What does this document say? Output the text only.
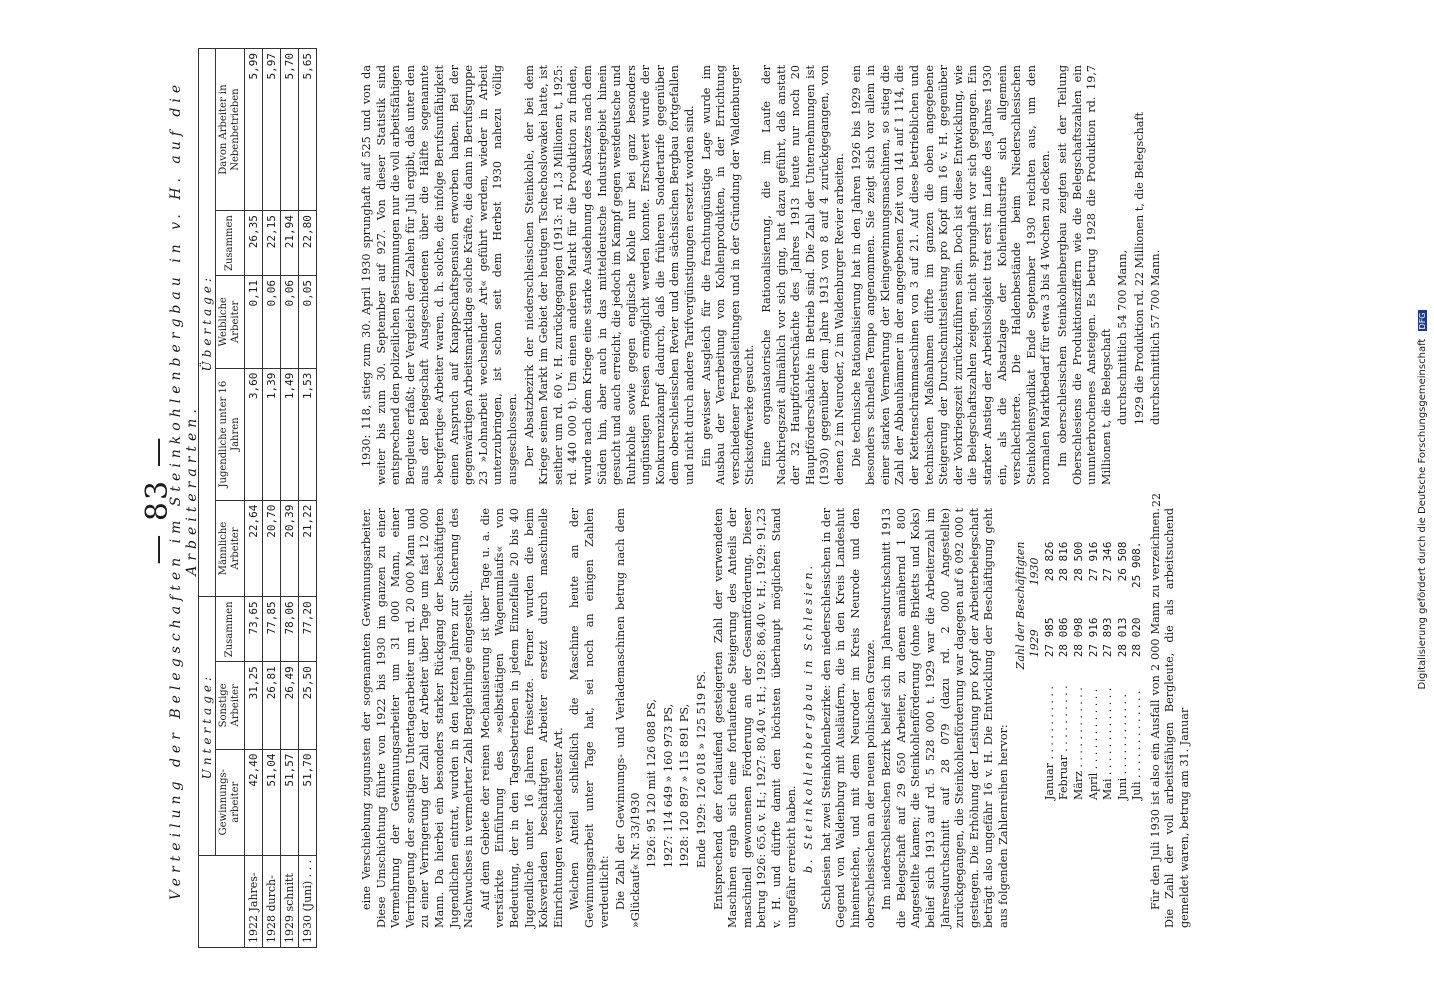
— 83 —
Verteilung der Belegschaften im Steinkohlenbergbau in v. H. auf die Arbeiterarten.
	Untertage:			Übertage:				
	Gewinnungs-arbeiter	Sonstige Arbeiter	Zusammen	Männliche Arbeiter	Jugendliche unter 16 Jahren	Weibliche Arbeiter	Zusammen	Davon Arbeiter in Nebenbetrieben
1922 Jahres-	42,40	31,25	73,65	22,64	3,60	0,11	26,35	5,99
1928 durch-	51,04	26,81	77,85	20,70	1,39	0,06	22,15	5,97
1929 schnitt	51,57	26,49	78,06	20,39	1,49	0,06	21,94	5,70
1930 (Juni) . . .	51,70	25,50	77,20	21,22	1,53	0,05	22,80	5,65

eine Verschiebung zugunsten der sogenannten Gewinnungsarbeiter. Diese Umschichtung führte von 1922 bis 1930 im ganzen zu einer Vermehrung der Gewinnungsarbeiter um 31 000 Mann, einer Verringerung der sonstigen Untertagearbeiter um rd. 20 000 Mann und zu einer Verringerung der Zahl der Arbeiter über Tage um fast 12 000 Mann. Da hierbei ein besonders starker Rückgang der beschäftigten Jugendlichen eintrat, wurden in den letzten Jahren zur Sicherung des Nachwuchses in vermehrter Zahl Berglehrlinge eingestellt. Auf dem Gebiete der reinen Mechanisierung ist über Tage u. a. die verstärkte Einführung des »selbsttätigen Wagenumlaufs« von Bedeutung, der in den Tagesbetrieben in jedem Einzelfalle 20 bis 40 Jugendliche unter 16 Jahren freisetzte. Ferner wurden die beim Koksverladen beschäftigten Arbeiter ersetzt durch maschinelle Einrichtungen verschiedenster Art. Welchen Anteil schließlich die Maschine heute an der Gewinnungsarbeit unter Tage hat, sei noch an einigen Zahlen verdeutlicht: Die Zahl der Gewinnungs- und Verlademaschinen betrug nach dem »Glückauf« Nr. 33/1930 1926: 95 120 mit 126 088 PS, 1927: 114 649 » 160 973 PS, 1928: 120 897 » 115 891 PS, Ende 1929: 126 018 » 125 519 PS. Entsprechend der fortlaufend gesteigerten Zahl der verwendeten Maschinen ergab sich eine fortlaufende Steigerung des Anteils der maschinell gewonnenen Förderung an der Gesamtförderung. Dieser betrug 1926: 65,6 v. H.; 1927: 80,40 v. H.; 1928: 86,40 v. H.; 1929: 91,23 v. H. und dürfte damit den höchsten überhaupt möglichen Stand ungefähr erreicht haben. b. Steinkohlenbergbau in Schlesien. Schlesien hat zwei Steinkohlenbezirke: den niederschlesischen in der Gegend von Waldenburg mit Ausläufern, die in den Kreis Landeshut hineinreichen, und mit dem Neuroder im Kreis Neurode und den oberschlesischen an der neuen polnischen Grenze. Im niederschlesischen Bezirk belief sich im Jahresdurchschnitt 1913 die Belegschaft auf 29 650 Arbeiter, zu denen annähernd 1 800 Angestellte kamen; die Steinkohlenförderung (ohne Briketts und Koks) belief sich 1913 auf rd. 5 528 000 t. 1929 war die Arbeiterzahl im Jahresdurchschnitt auf 28 079 (dazu rd. 2 000 Angestellte) zurückgegangen, die Steinkohlenförderung war dagegen auf 6 092 000 t gestiegen. Die Erhöhung der Leistung pro Kopf der Arbeiterbelegschaft beträgt also ungefähr 16 v. H. Die Entwicklung der Beschäftigung geht aus folgenden Zahlenreihen hervor:

	Zahl der Beschäftigten	
	1929	1930
Januar . . . . . . . . . . .	27 985	28 826
Februar . . . . . . . . . .	28 086	28 816
März . . . . . . . . . . . .	28 098	28 500
April . . . . . . . . . . . .	27 916	27 916
Mai . . . . . . . . . . . . .	27 893	27 346
Juni . . . . . . . . . . . .	28 013	26 508
Juli . . . . . . . . . . . . .	28 020	25 908. Für den Juli 1930 ist also ein Ausfall von 2 000 Mann zu verzeichnen. Die Zahl der voll arbeitsfähigen Bergleute, die als arbeitsuchend gemeldet waren, betrug am 31. Januar

1930: 118, stieg zum 30. April 1930 sprunghaft auf 525 und von da weiter bis zum 30. September auf 927. Von dieser Statistik sind entsprechend den polizeilichen Bestimmungen nur die voll arbeitsfähigen Bergleute erfaßt; der Vergleich der Zahlen für Juli ergibt, daß unter den aus der Belegschaft Ausgeschiedenen über die Hälfte sogenannte »bergfertige« Arbeiter waren, d. h. solche, die infolge Berufsunfähigkeit einen Anspruch auf Knappschaftspension erworben haben. Bei der gegenwärtigen Arbeitsmarktlage solche Kräfte, die dann in Berufsgruppe 23 »Lohnarbeit wechselnder Art« geführt werden, wieder in Arbeit unterzubringen, ist schon seit dem Herbst 1930 nahezu völlig ausgeschlossen. Der Absatzbezirk der niederschlesischen Steinkohle, der bei dem Kriege seinen Markt im Gebiet der heutigen Tschechoslowakei hatte, ist seither um rd. 60 v. H. zurückgegangen (1913: rd. 1,3 Millionen t, 1925: rd. 440 000 t). Um einen anderen Markt für die Produktion zu finden, wurde nach dem Kriege eine starke Ausdehnung des Absatzes nach dem Süden hin, aber auch in das mitteldeutsche Industriegebiet hinein gesucht und auch erreicht, die jedoch im Kampf gegen westdeutsche und Ruhrkohle sowie gegen englische Kohle nur bei ganz besonders ungünstigen Preisen ermöglicht werden konnte. Erschwert wurde der Konkurrenzkampf dadurch, daß die früheren Sondertarife gegenüber dem oberschlesischen Revier und dem sächsischen Bergbau fortgefallen und nicht durch andere Tarifvergünstigungen ersetzt worden sind. Ein gewisser Ausgleich für die frachtungünstige Lage wurde im Ausbau der Verarbeitung von Kohlenprodukten, in der Errichtung verschiedener Ferngasleitungen und in der Gründung der Waldenburger Stickstoffwerke gesucht. Eine organisatorische Rationalisierung, die im Laufe der Nachkriegszeit allmählich vor sich ging, hat dazu geführt, daß anstatt der 32 Hauptförderschächte des Jahres 1913 heute nur noch 20 Hauptförderschächte in Betrieb sind. Die Zahl der Unternehmungen ist (1930) gegenüber dem Jahre 1913 von 8 auf 4 zurückgegangen, von denen 2 im Neuroder, 2 im Waldenburger Revier arbeiten. Die technische Rationalisierung hat in den Jahren 1926 bis 1929 ein besonders schnelles Tempo angenommen. Sie zeigt sich vor allem in einer starken Vermehrung der Kleingewinnungsmaschinen, so stieg die Zahl der Abbauhämmer in der angegebenen Zeit von 141 auf 1 114, die der Kettenschrämmaschinen von 3 auf 21. Auf diese betrieblichen und technischen Maßnahmen dürfte im ganzen die oben angegebene Steigerung der Durchschnittsleistung pro Kopf um 16 v. H. gegenüber der Vorkriegszeit zurückzuführen sein. Doch ist diese Entwicklung, wie die Belegschaftszahlen zeigen, nicht sprunghaft vor sich gegangen. Ein starker Anstieg der Arbeitslosigkeit trat erst im Laufe des Jahres 1930 ein, als die Absatzlage der Kohlenindustrie sich allgemein verschlechterte. Die Haldenbestände beim Niederschlesischen Steinkohlensyndikat Ende September 1930 reichten aus, um den normalen Marktbedarf für etwa 3 bis 4 Wochen zu decken. Im oberschlesischen Steinkohlenbergbau zeigten seit der Teilung Oberschlesiens die Produktionsziffern wie die Belegschaftszahlen ein ununterbrochenes Ansteigen. Es betrug 1928 die Produktion rd. 19,7 Millionen t, die Belegschaft durchschnittlich 54 700 Mann, 1929 die Produktion rd. 22 Millionen t, die Belegschaft durchschnittlich 57 700 Mann.

22	Digitalisierung gefördert durch die Deutsche Forschungsgemeinschaft DFG
